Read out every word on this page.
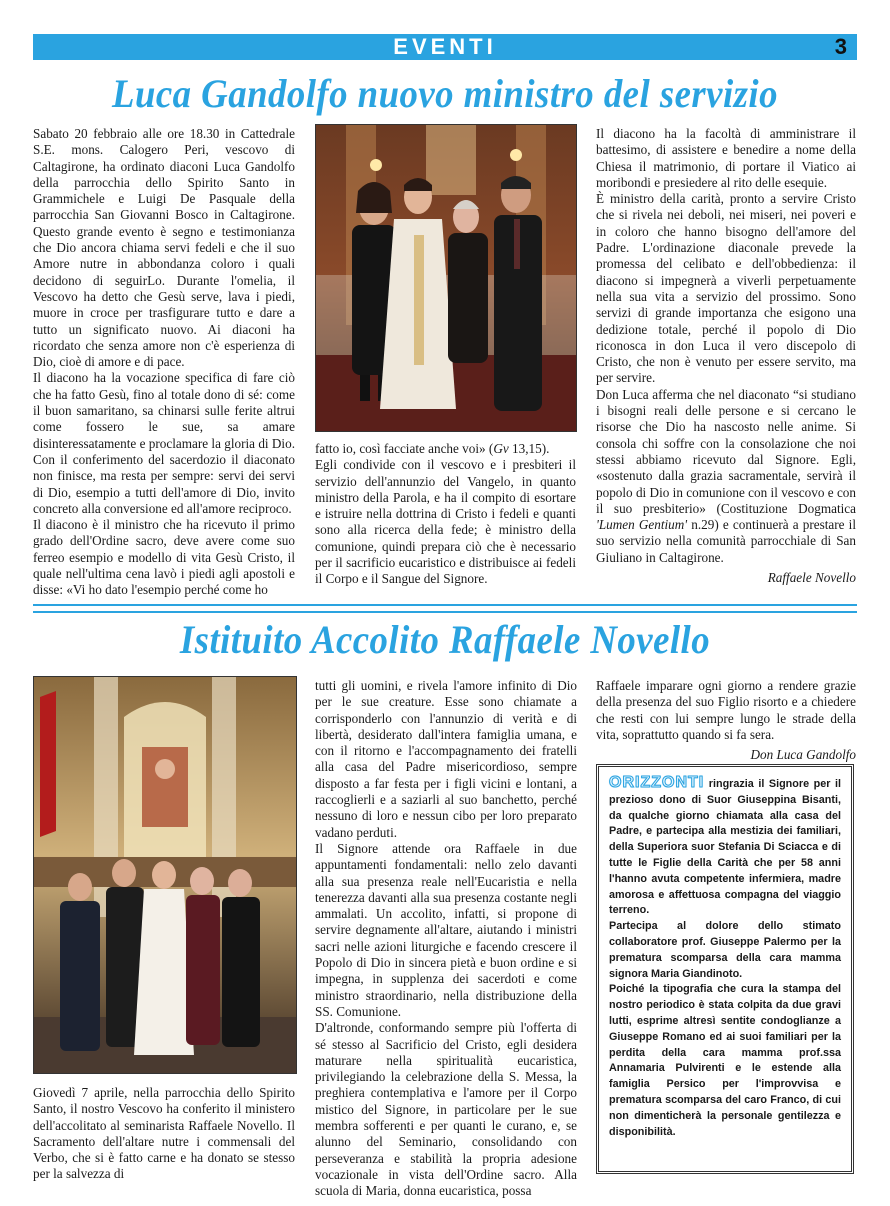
EVENTI	3
Luca Gandolfo nuovo ministro del servizio

Sabato 20 febbraio alle ore 18.30 in Cattedrale S.E. mons. Calogero Peri, vescovo di Caltagirone, ha ordinato diaconi Luca Gandolfo della parrocchia dello Spirito Santo in Grammichele e Luigi De Pasquale della parrocchia San Giovanni Bosco in Caltagirone. Questo grande evento è segno e testimonianza che Dio ancora chiama servi fedeli e che il suo Amore nutre in abbondanza coloro i quali decidono di seguirLo. Durante l'omelia, il Vescovo ha detto che Gesù serve, lava i piedi, muore in croce per trasfigurare tutto e dare a tutto un significato nuovo. Ai diaconi ha ricordato che senza amore non c'è esperienza di Dio, cioè di amore e di pace.

Il diacono ha la vocazione specifica di fare ciò che ha fatto Gesù, fino al totale dono di sé: come il buon samaritano, sa chinarsi sulle ferite altrui come fossero le sue, sa amare disinteressatamente e proclamare la gloria di Dio. Con il conferimento del sacerdozio il diaconato non finisce, ma resta per sempre: servi dei servi di Dio, esempio a tutti dell'amore di Dio, invito concreto alla conversione ed all'amore reciproco.

Il diacono è il ministro che ha ricevuto il primo grado dell'Ordine sacro, deve avere come suo ferreo esempio e modello di vita Gesù Cristo, il quale nell'ultima cena lavò i piedi agli apostoli e disse: «Vi ho dato l'esempio perché come ho

fatto io, così facciate anche voi» (Gv 13,15).

Egli condivide con il vescovo e i presbiteri il servizio dell'annunzio del Vangelo, in quanto ministro della Parola, e ha il compito di esortare e istruire nella dottrina di Cristo i fedeli e quanti sono alla ricerca della fede; è ministro della comunione, quindi prepara ciò che è necessario per il sacrificio eucaristico e distribuisce ai fedeli il Corpo e il Sangue del Signore.

Il diacono ha la facoltà di amministrare il battesimo, di assistere e benedire a nome della Chiesa il matrimonio, di portare il Viatico ai moribondi e presiedere al rito delle esequie.

È ministro della carità, pronto a servire Cristo che si rivela nei deboli, nei miseri, nei poveri e in coloro che hanno bisogno dell'amore del Padre. L'ordinazione diaconale prevede la promessa del celibato e dell'obbedienza: il diacono si impegnerà a viverli perpetuamente nella sua vita a servizio del prossimo. Sono servizi di grande importanza che esigono una dedizione totale, perché il popolo di Dio riconosca in don Luca il vero discepolo di Cristo, che non è venuto per essere servito, ma per servire.

Don Luca afferma che nel diaconato “si studiano i bisogni reali delle persone e si cercano le risorse che Dio ha nascosto nelle anime. Si consola chi soffre con la consolazione che noi stessi abbiamo ricevuto dal Signore. Egli, «sostenuto dalla grazia sacramentale, servirà il popolo di Dio in comunione con il vescovo e con il suo presbiterio» (Costituzione Dogmatica 'Lumen Gentium' n.29) e continuerà a prestare il suo servizio nella comunità parrocchiale di San Giuliano in Caltagirone.

Raffaele Novello

Istituito Accolito Raffaele Novello

Giovedì 7 aprile, nella parrocchia dello Spirito Santo, il nostro Vescovo ha conferito il ministero dell'accolitato al seminarista Raffaele Novello. Il Sacramento dell'altare nutre i commensali del Verbo, che si è fatto carne e ha donato se stesso per la salvezza di

tutti gli uomini, e rivela l'amore infinito di Dio per le sue creature. Esse sono chiamate a corrisponderlo con l'annunzio di verità e di libertà, desiderato dall'intera famiglia umana, e con il ritorno e l'accompagnamento dei fratelli alla casa del Padre misericordioso, sempre disposto a far festa per i figli vicini e lontani, a raccoglierli e a saziarli al suo banchetto, perché nessuno di loro e nessun cibo per loro preparato vadano perduti.

Il Signore attende ora Raffaele in due appuntamenti fondamentali: nello zelo davanti alla sua presenza reale nell'Eucaristia e nella tenerezza davanti alla sua presenza costante negli ammalati. Un accolito, infatti, si propone di servire degnamente all'altare, aiutando i ministri sacri nelle azioni liturgiche e facendo crescere il Popolo di Dio in sincera pietà e buon ordine e si impegna, in supplenza dei sacerdoti e come ministro straordinario, nella distribuzione della SS. Comunione.

D'altronde, conformando sempre più l'offerta di sé stesso al Sacrificio del Cristo, egli desidera maturare nella spiritualità eucaristica, privilegiando la celebrazione della S. Messa, la preghiera contemplativa e l'amore per il Corpo mistico del Signore, in particolare per le sue membra sofferenti e per quanti le curano, e, se alunno del Seminario, consolidando con perseveranza e stabilità la propria adesione vocazionale in vista dell'Ordine sacro. Alla scuola di Maria, donna eucaristica, possa

Raffaele imparare ogni giorno a rendere grazie della presenza del suo Figlio risorto e a chiedere che resti con lui sempre lungo le strade della vita, soprattutto quando si fa sera.

Don Luca Gandolfo

ORIZZONTI ringrazia il Signore per il prezioso dono di Suor Giuseppina Bisanti, da qualche giorno chiamata alla casa del Padre, e partecipa alla mestizia dei familiari, della Superiora suor Stefania Di Sciacca e di tutte le Figlie della Carità che per 58 anni l'hanno avuta competente infermiera, madre amorosa e affettuosa compagna del viaggio terreno.

Partecipa al dolore dello stimato collaboratore prof. Giuseppe Palermo per la prematura scomparsa della cara mamma signora Maria Giandinoto.

Poiché la tipografia che cura la stampa del nostro periodico è stata colpita da due gravi lutti, esprime altresì sentite condoglianze a Giuseppe Romano ed ai suoi familiari per la perdita della cara mamma prof.ssa Annamaria Pulvirenti e le estende alla famiglia Persico per l'improvvisa e prematura scomparsa del caro Franco, di cui non dimenticherà la personale gentilezza e disponibilità.
